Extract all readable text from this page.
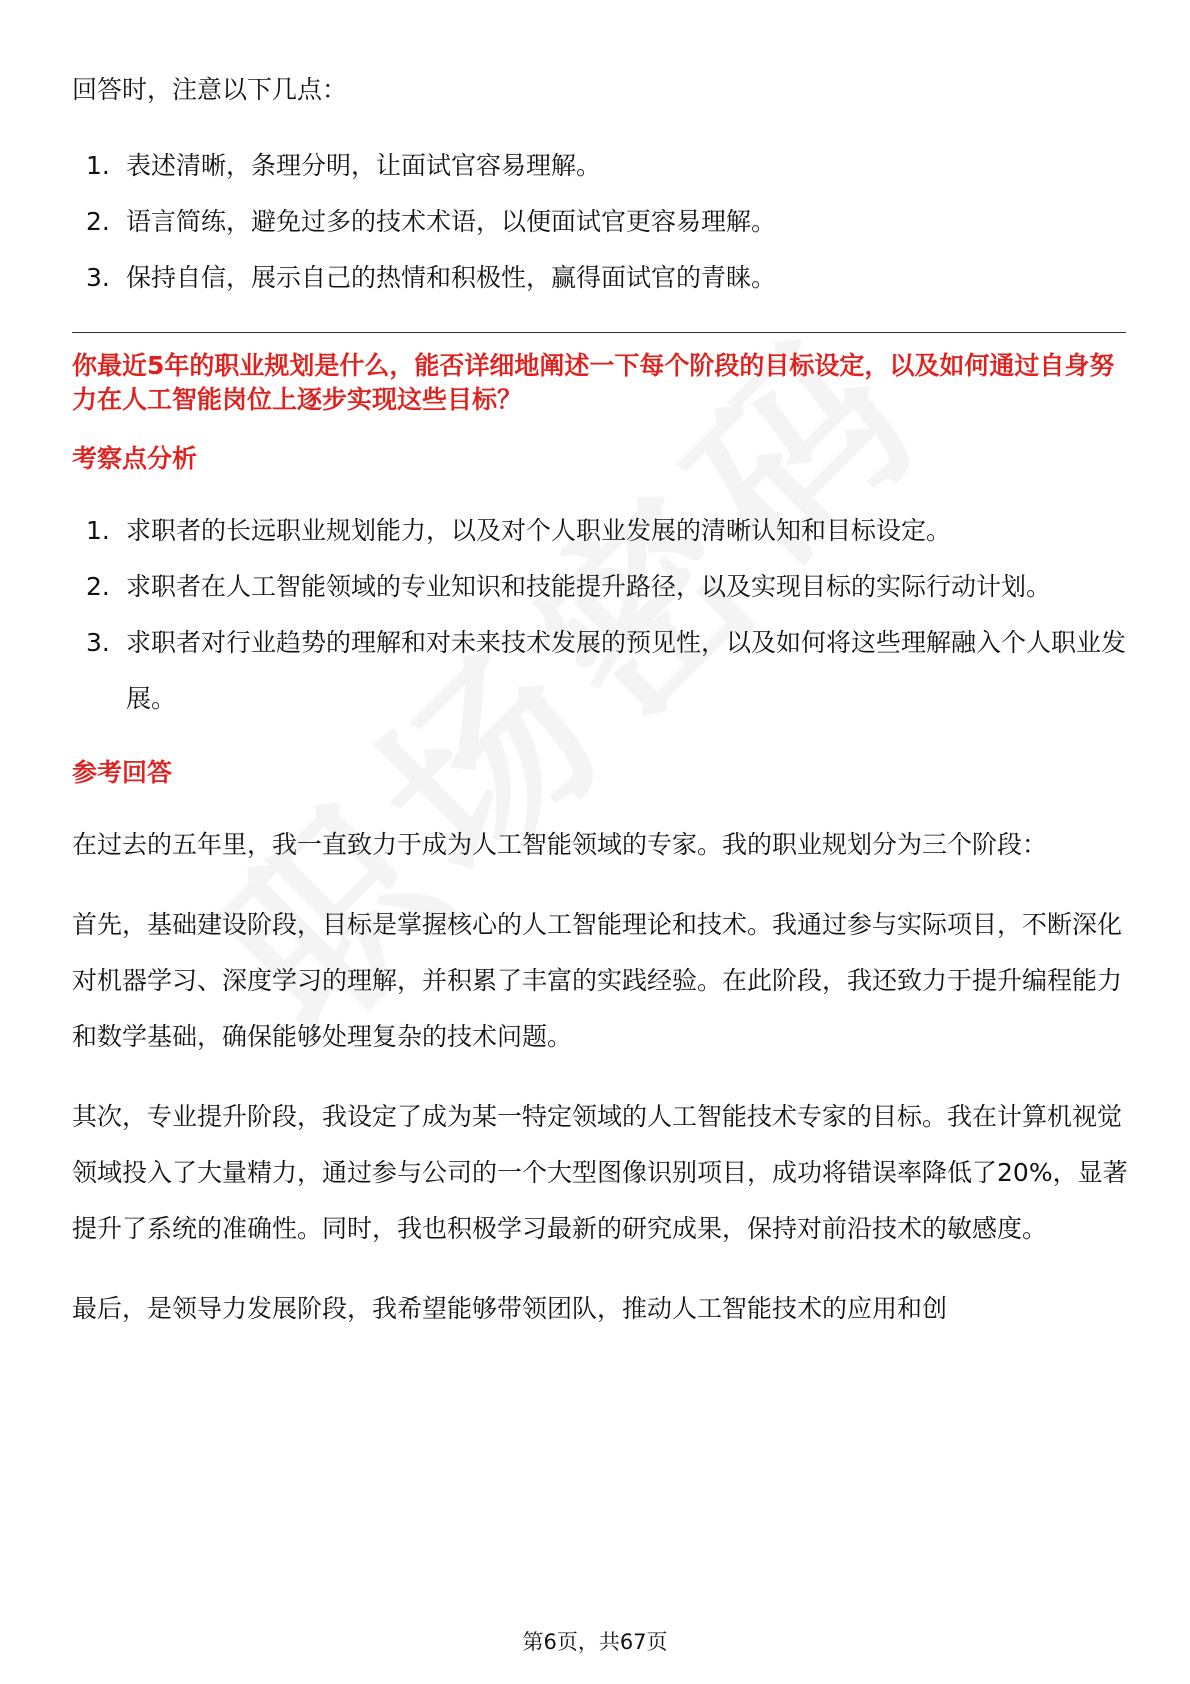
回答时，注意以下几点：

1. 表述清晰，条理分明，让面试官容易理解。
2. 语言简练，避免过多的技术术语，以便面试官更容易理解。
3. 保持自信，展示自己的热情和积极性，赢得面试官的青睐。
你最近5年的职业规划是什么，能否详细地阐述一下每个阶段的目标设定，以及如何通过自身努力在人工智能岗位上逐步实现这些目标？
考察点分析
1. 求职者的长远职业规划能力，以及对个人职业发展的清晰认知和目标设定。
2. 求职者在人工智能领域的专业知识和技能提升路径，以及实现目标的实际行动计划。
3. 求职者对行业趋势的理解和对未来技术发展的预见性，以及如何将这些理解融入个人职业发展。
参考回答

在过去的五年里，我一直致力于成为人工智能领域的专家。我的职业规划分为三个阶段：

首先，基础建设阶段，目标是掌握核心的人工智能理论和技术。我通过参与实际项目，不断深化对机器学习、深度学习的理解，并积累了丰富的实践经验。在此阶段，我还致力于提升编程能力和数学基础，确保能够处理复杂的技术问题。

其次，专业提升阶段，我设定了成为某一特定领域的人工智能技术专家的目标。我在计算机视觉领域投入了大量精力，通过参与公司的一个大型图像识别项目，成功将错误率降低了20%，显著提升了系统的准确性。同时，我也积极学习最新的研究成果，保持对前沿技术的敏感度。

最后，是领导力发展阶段，我希望能够带领团队，推动人工智能技术的应用和创

第6页，共67页
